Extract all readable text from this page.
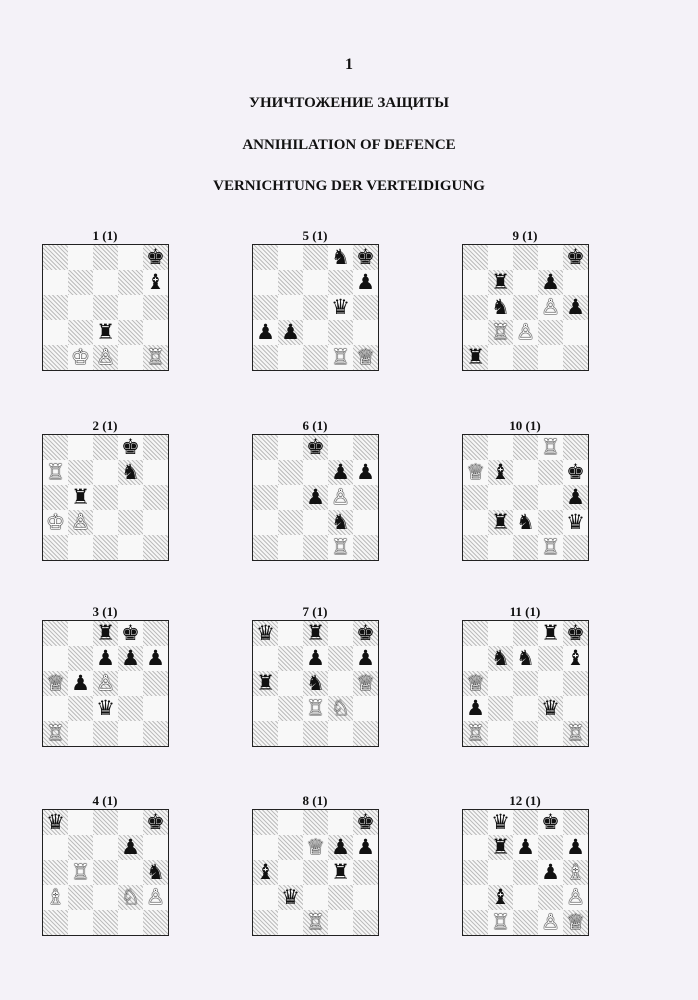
1
УНИЧТОЖЕНИЕ ЗАЩИТЫ
ANNIHILATION OF DEFENCE
VERNICHTUNG DER VERTEIDIGUNG
1 (1)
♚
♝
♜
♔ ♙ ♖
5 (1)
♞ ♚
♟
♛
♟ ♟
♖ ♕
9 (1)
♚
♜ ♟
♞ ♙ ♟
♖ ♙
♜
2 (1)
♚
♖	♞
♜
♔ ♙
6 (1)
♚
♟ ♟
♟ ♙
♞
♖
10 (1)
♖
♕ ♝	♚
♟
♜ ♞ ♛
♖
3 (1)
♜ ♚
♟ ♟ ♟
♕ ♟ ♙
♛
♖
7 (1)
♛ ♜ ♚
♟ ♟
♜ ♞ ♕
♖ ♘
11 (1)
♜ ♚
♞ ♞ ♝
♕
♟	♛
♖	♖
4 (1)
♛	♚
♟
♖	♞
♗	♘ ♙
8 (1)
♚
♕ ♟ ♟
♝	♜
♛
♖
12 (1)
♛ ♚
♜ ♟ ♟
♟ ♗
♝	♙
♖ ♙ ♕
